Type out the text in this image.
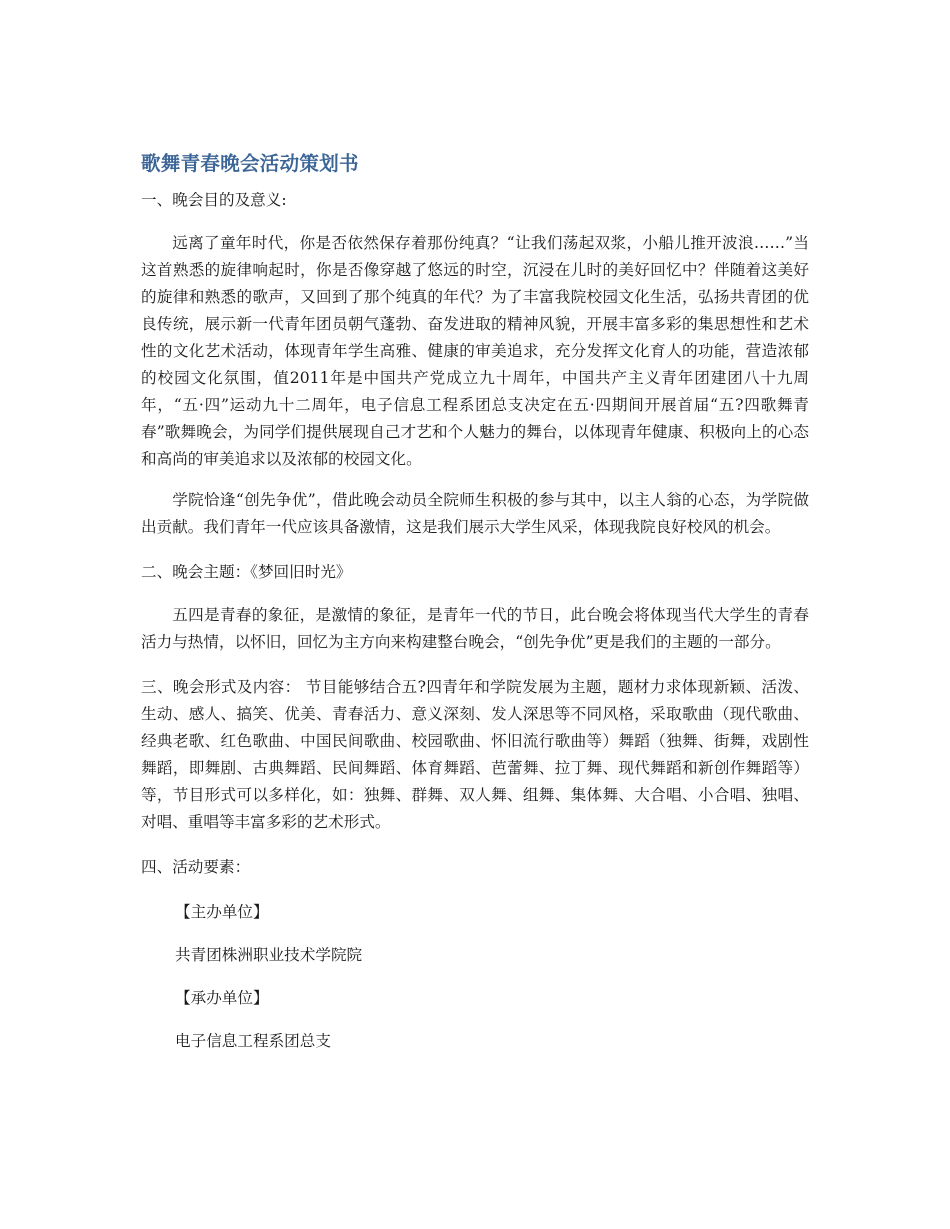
歌舞青春晚会活动策划书

一、晚会目的及意义:

远离了童年时代，你是否依然保存着那份纯真？“让我们荡起双浆，小船儿推开波浪……”当这首熟悉的旋律响起时，你是否像穿越了悠远的时空，沉浸在儿时的美好回忆中？伴随着这美好的旋律和熟悉的歌声，又回到了那个纯真的年代？为了丰富我院校园文化生活，弘扬共青团的优良传统，展示新一代青年团员朝气蓬勃、奋发进取的精神风貌，开展丰富多彩的集思想性和艺术性的文化艺术活动，体现青年学生高雅、健康的审美追求，充分发挥文化育人的功能，营造浓郁的校园文化氛围，值2011年是中国共产党成立九十周年，中国共产主义青年团建团八十九周年，“五·四”运动九十二周年，电子信息工程系团总支决定在五·四期间开展首届“五?四歌舞青春”歌舞晚会，为同学们提供展现自己才艺和个人魅力的舞台，以体现青年健康、积极向上的心态和高尚的审美追求以及浓郁的校园文化。

学院恰逢“创先争优”，借此晚会动员全院师生积极的参与其中，以主人翁的心态，为学院做出贡献。我们青年一代应该具备激情，这是我们展示大学生风采，体现我院良好校风的机会。

二、晚会主题：《梦回旧时光》

五四是青春的象征，是激情的象征，是青年一代的节日，此台晚会将体现当代大学生的青春活力与热情，以怀旧，回忆为主方向来构建整台晚会，“创先争优”更是我们的主题的一部分。

三、晚会形式及内容： 节目能够结合五?四青年和学院发展为主题，题材力求体现新颖、活泼、生动、感人、搞笑、优美、青春活力、意义深刻、发人深思等不同风格，采取歌曲（现代歌曲、经典老歌、红色歌曲、中国民间歌曲、校园歌曲、怀旧流行歌曲等）舞蹈（独舞、街舞，戏剧性舞蹈，即舞剧、古典舞蹈、民间舞蹈、体育舞蹈、芭蕾舞、拉丁舞、现代舞蹈和新创作舞蹈等）等，节目形式可以多样化，如：独舞、群舞、双人舞、组舞、集体舞、大合唱、小合唱、独唱、对唱、重唱等丰富多彩的艺术形式。

四、活动要素：

【主办单位】

共青团株洲职业技术学院院

【承办单位】

电子信息工程系团总支
